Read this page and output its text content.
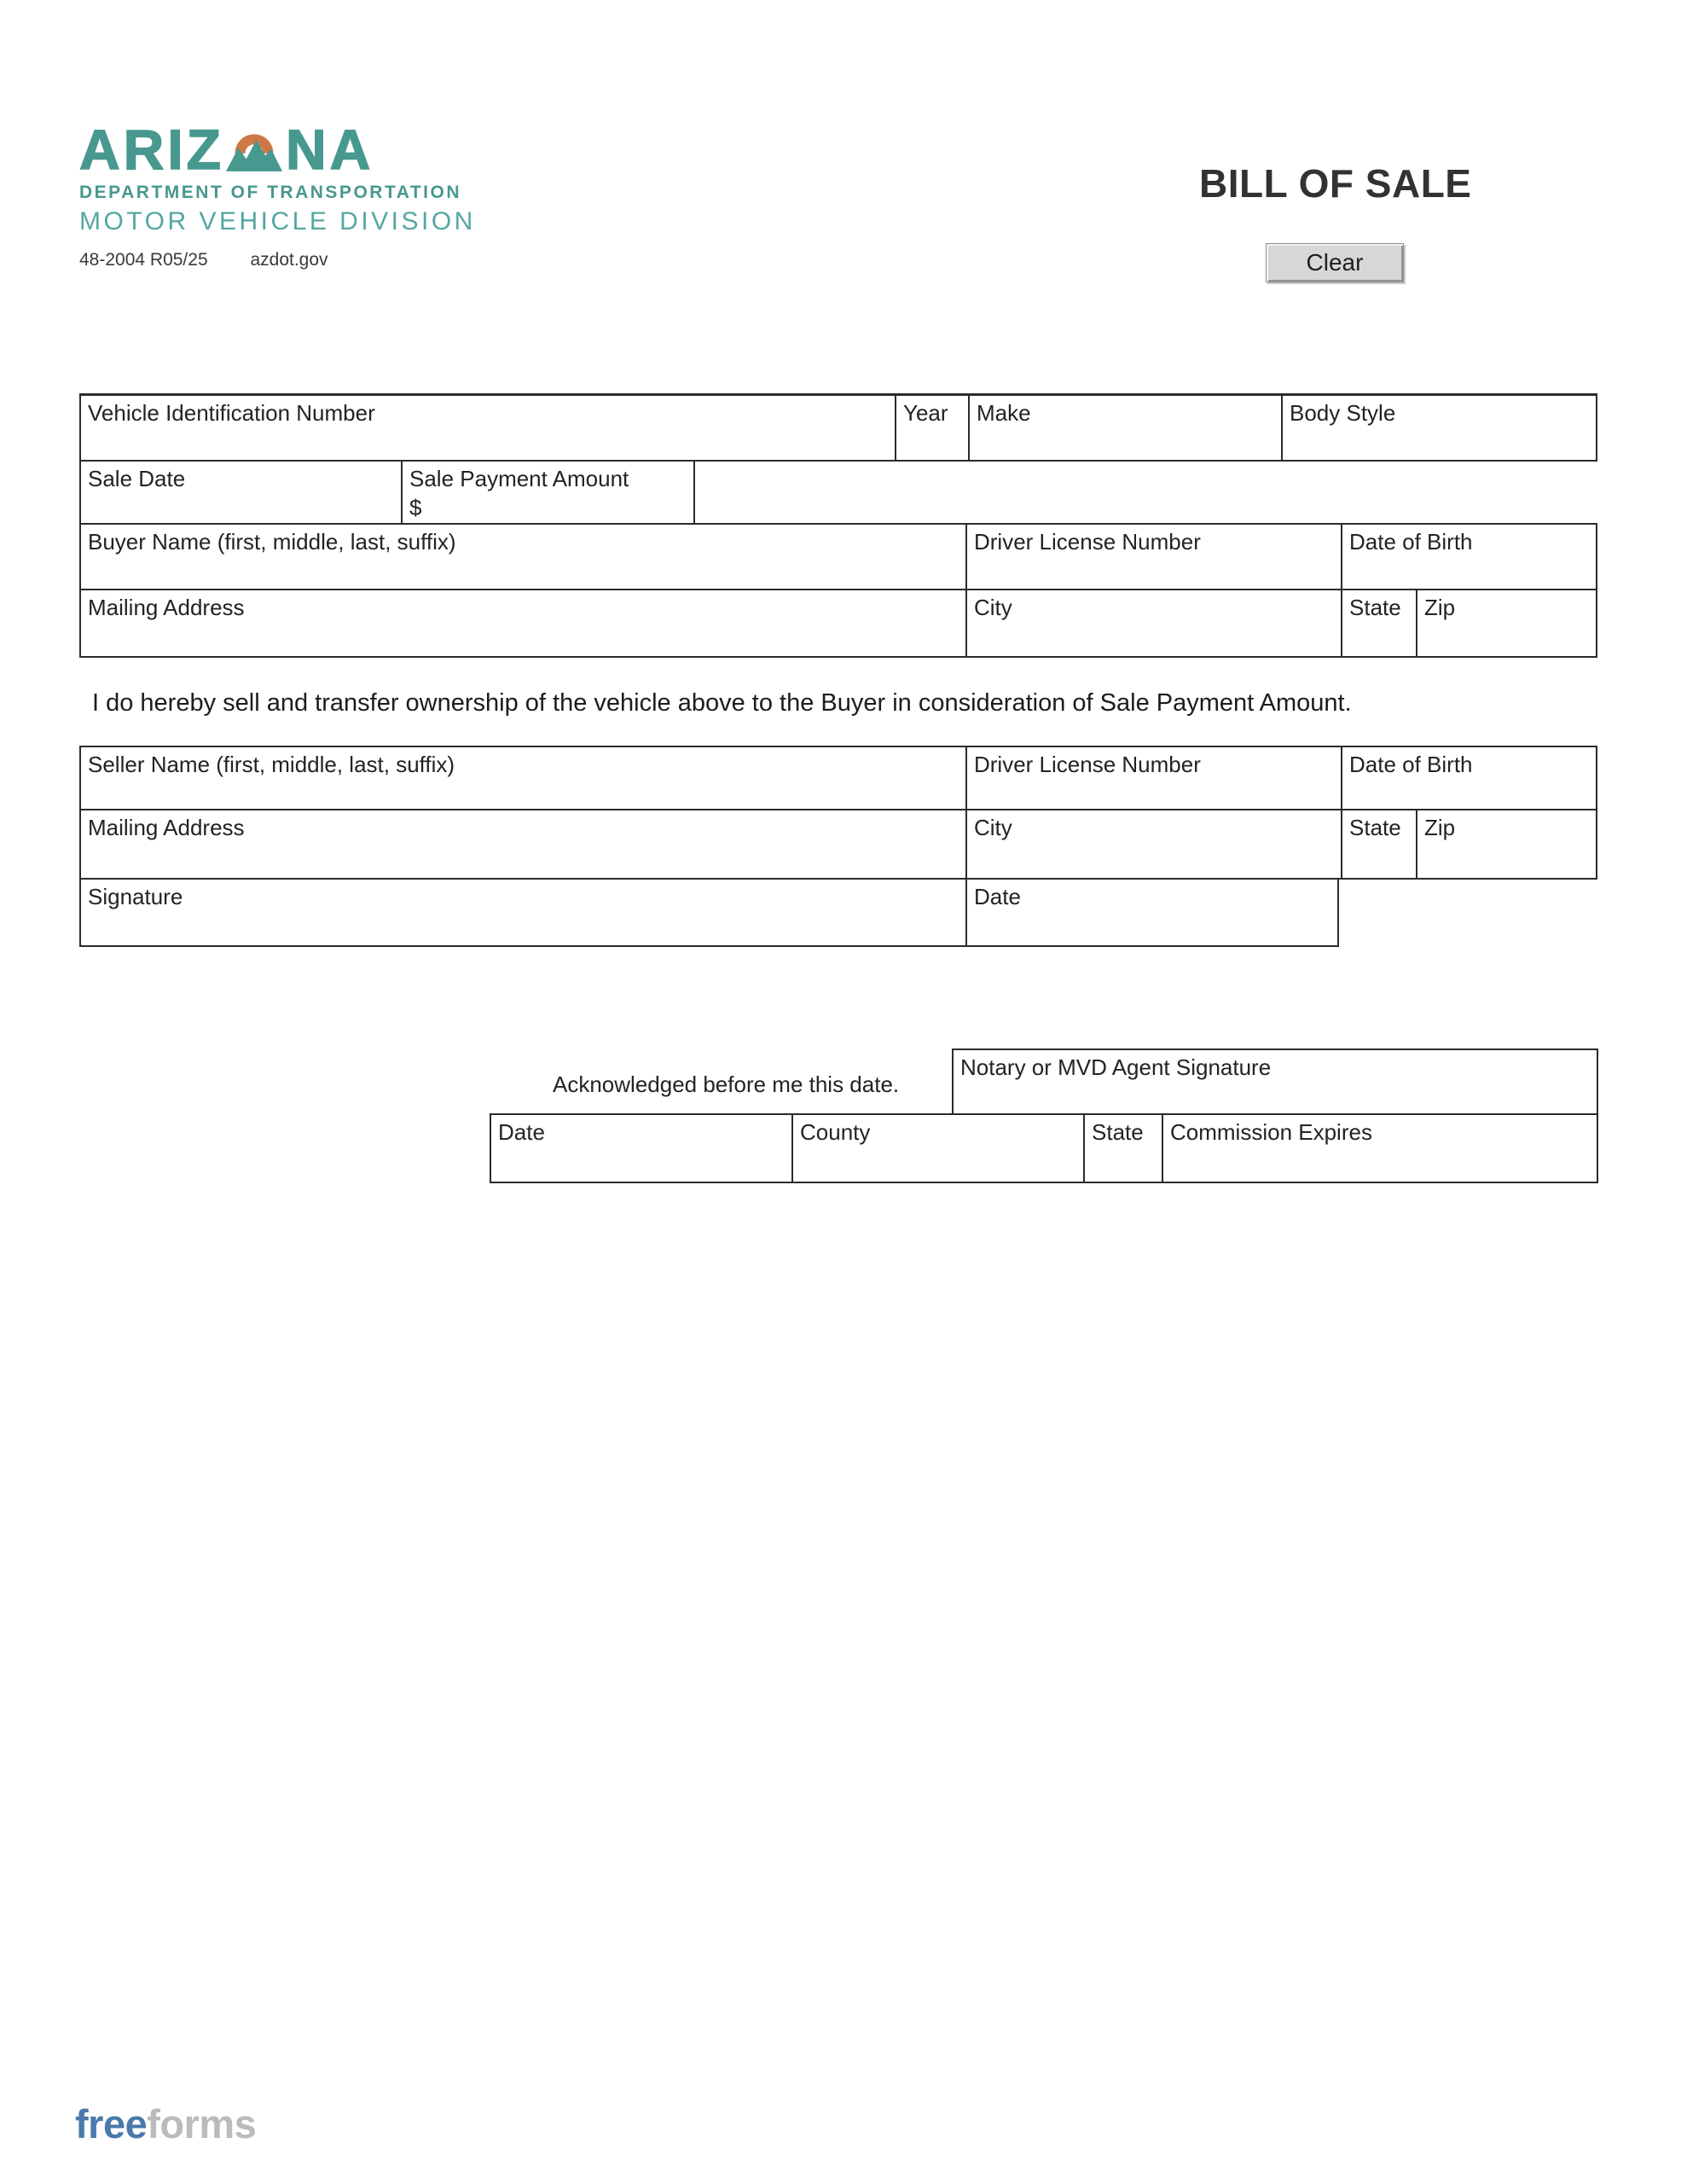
ARIZ NA
DEPARTMENT OF TRANSPORTATION
MOTOR VEHICLE DIVISION
48-2004 R05/25 azdot.gov
BILL OF SALE
Clear
Vehicle Identification Number	Year	Make	Body Style
Sale Date	Sale Payment Amount
$
Buyer Name (first, middle, last, suffix)	Driver License Number	Date of Birth
Mailing Address	City	State	Zip
I do hereby sell and transfer ownership of the vehicle above to the Buyer in consideration of Sale Payment Amount.
Seller Name (first, middle, last, suffix)	Driver License Number	Date of Birth
Mailing Address	City	State	Zip
Signature	Date
Acknowledged before me this date.
Notary or MVD Agent Signature
Date	County	State	Commission Expires
freeforms
